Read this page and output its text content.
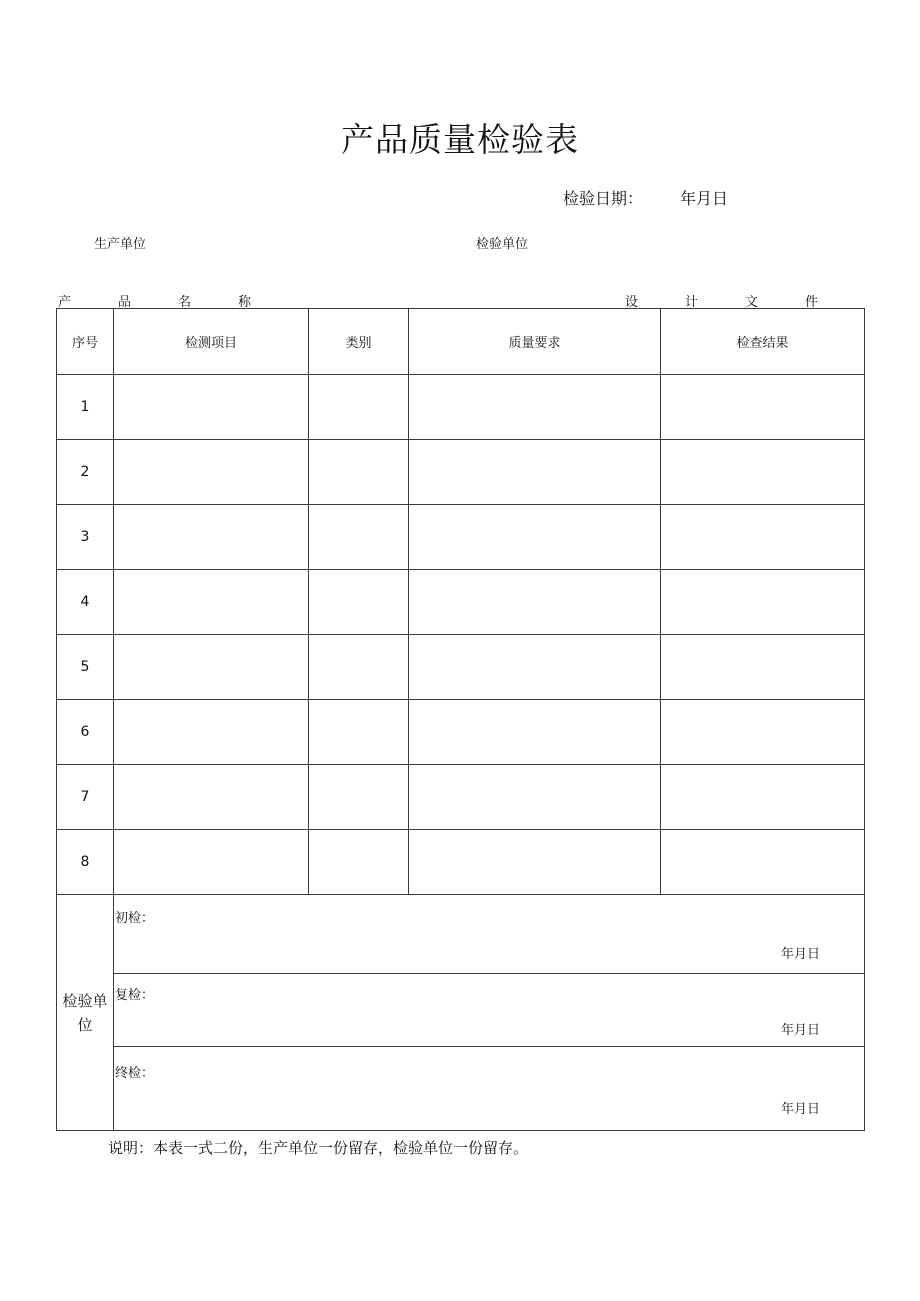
产品质量检验表
检验日期： 年月日
生产单位	检验单位
产	品	名	称	设	计	文	件
序号	检测项目	类别	质量要求	检查结果
1				
2				
3				
4				
5				
6				
7				
8				
检验单位	初检：
年月日			

	复检：
年月日			

	终检：
年月日			
说明：本表一式二份，生产单位一份留存，检验单位一份留存。
